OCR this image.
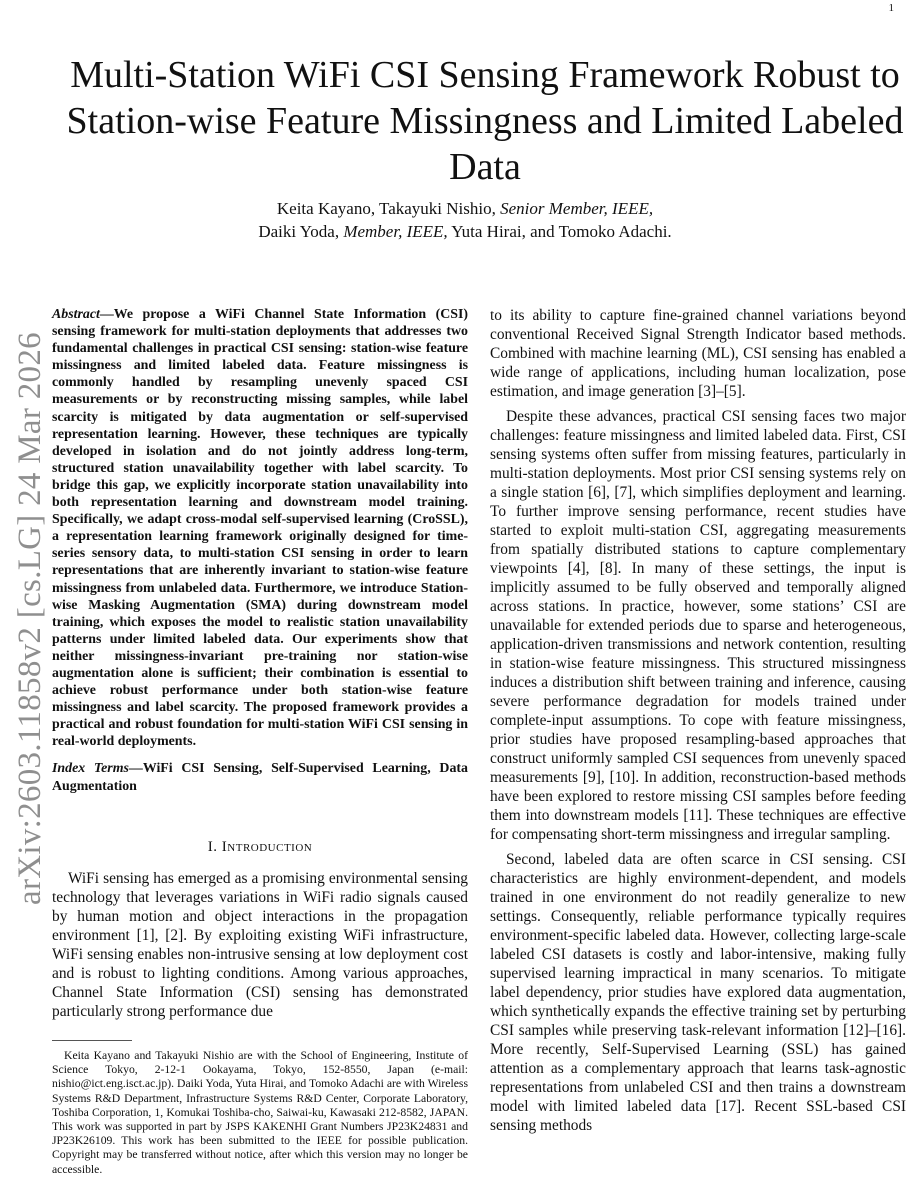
1
arXiv:2603.11858v2 [cs.LG] 24 Mar 2026
Multi-Station WiFi CSI Sensing Framework Robust to Station-wise Feature Missingness and Limited Labeled Data
Keita Kayano, Takayuki Nishio, Senior Member, IEEE,
Daiki Yoda, Member, IEEE, Yuta Hirai, and Tomoko Adachi.

Abstract—We propose a WiFi Channel State Information (CSI) sensing framework for multi-station deployments that addresses two fundamental challenges in practical CSI sensing: station-wise feature missingness and limited labeled data. Feature missingness is commonly handled by resampling unevenly spaced CSI measurements or by reconstructing missing samples, while label scarcity is mitigated by data augmentation or self-supervised representation learning. However, these techniques are typically developed in isolation and do not jointly address long-term, structured station unavailability together with label scarcity. To bridge this gap, we explicitly incorporate station unavailability into both representation learning and downstream model training. Specifically, we adapt cross-modal self-supervised learning (CroSSL), a representation learning framework originally designed for time-series sensory data, to multi-station CSI sensing in order to learn representations that are inherently invariant to station-wise feature missingness from unlabeled data. Furthermore, we introduce Station-wise Masking Augmentation (SMA) during downstream model training, which exposes the model to realistic station unavailability patterns under limited labeled data. Our experiments show that neither missingness-invariant pre-training nor station-wise augmentation alone is sufficient; their combination is essential to achieve robust performance under both station-wise feature missingness and label scarcity. The proposed framework provides a practical and robust foundation for multi-station WiFi CSI sensing in real-world deployments.

Index Terms—WiFi CSI Sensing, Self-Supervised Learning, Data Augmentation

I. Introduction

WiFi sensing has emerged as a promising environmental sensing technology that leverages variations in WiFi radio signals caused by human motion and object interactions in the propagation environment [1], [2]. By exploiting existing WiFi infrastructure, WiFi sensing enables non-intrusive sensing at low deployment cost and is robust to lighting conditions. Among various approaches, Channel State Information (CSI) sensing has demonstrated particularly strong performance due

Keita Kayano and Takayuki Nishio are with the School of Engineering, Institute of Science Tokyo, 2-12-1 Ookayama, Tokyo, 152-8550, Japan (e-mail: nishio@ict.eng.isct.ac.jp). Daiki Yoda, Yuta Hirai, and Tomoko Adachi are with Wireless Systems R&D Department, Infrastructure Systems R&D Center, Corporate Laboratory, Toshiba Corporation, 1, Komukai Toshiba-cho, Saiwai-ku, Kawasaki 212-8582, JAPAN. This work was supported in part by JSPS KAKENHI Grant Numbers JP23K24831 and JP23K26109. This work has been submitted to the IEEE for possible publication. Copyright may be transferred without notice, after which this version may no longer be accessible.

to its ability to capture fine-grained channel variations beyond conventional Received Signal Strength Indicator based methods. Combined with machine learning (ML), CSI sensing has enabled a wide range of applications, including human localization, pose estimation, and image generation [3]–[5].

Despite these advances, practical CSI sensing faces two major challenges: feature missingness and limited labeled data. First, CSI sensing systems often suffer from missing features, particularly in multi-station deployments. Most prior CSI sensing systems rely on a single station [6], [7], which simplifies deployment and learning. To further improve sensing performance, recent studies have started to exploit multi-station CSI, aggregating measurements from spatially distributed stations to capture complementary viewpoints [4], [8]. In many of these settings, the input is implicitly assumed to be fully observed and temporally aligned across stations. In practice, however, some stations’ CSI are unavailable for extended periods due to sparse and heterogeneous, application-driven transmissions and network contention, resulting in station-wise feature missingness. This structured missingness induces a distribution shift between training and inference, causing severe performance degradation for models trained under complete-input assumptions. To cope with feature missingness, prior studies have proposed resampling-based approaches that construct uniformly sampled CSI sequences from unevenly spaced measurements [9], [10]. In addition, reconstruction-based methods have been explored to restore missing CSI samples before feeding them into downstream models [11]. These techniques are effective for compensating short-term missingness and irregular sampling.

Second, labeled data are often scarce in CSI sensing. CSI characteristics are highly environment-dependent, and models trained in one environment do not readily generalize to new settings. Consequently, reliable performance typically requires environment-specific labeled data. However, collecting large-scale labeled CSI datasets is costly and labor-intensive, making fully supervised learning impractical in many scenarios. To mitigate label dependency, prior studies have explored data augmentation, which synthetically expands the effective training set by perturbing CSI samples while preserving task-relevant information [12]–[16]. More recently, Self-Supervised Learning (SSL) has gained attention as a complementary approach that learns task-agnostic representations from unlabeled CSI and then trains a downstream model with limited labeled data [17]. Recent SSL-based CSI sensing methods
